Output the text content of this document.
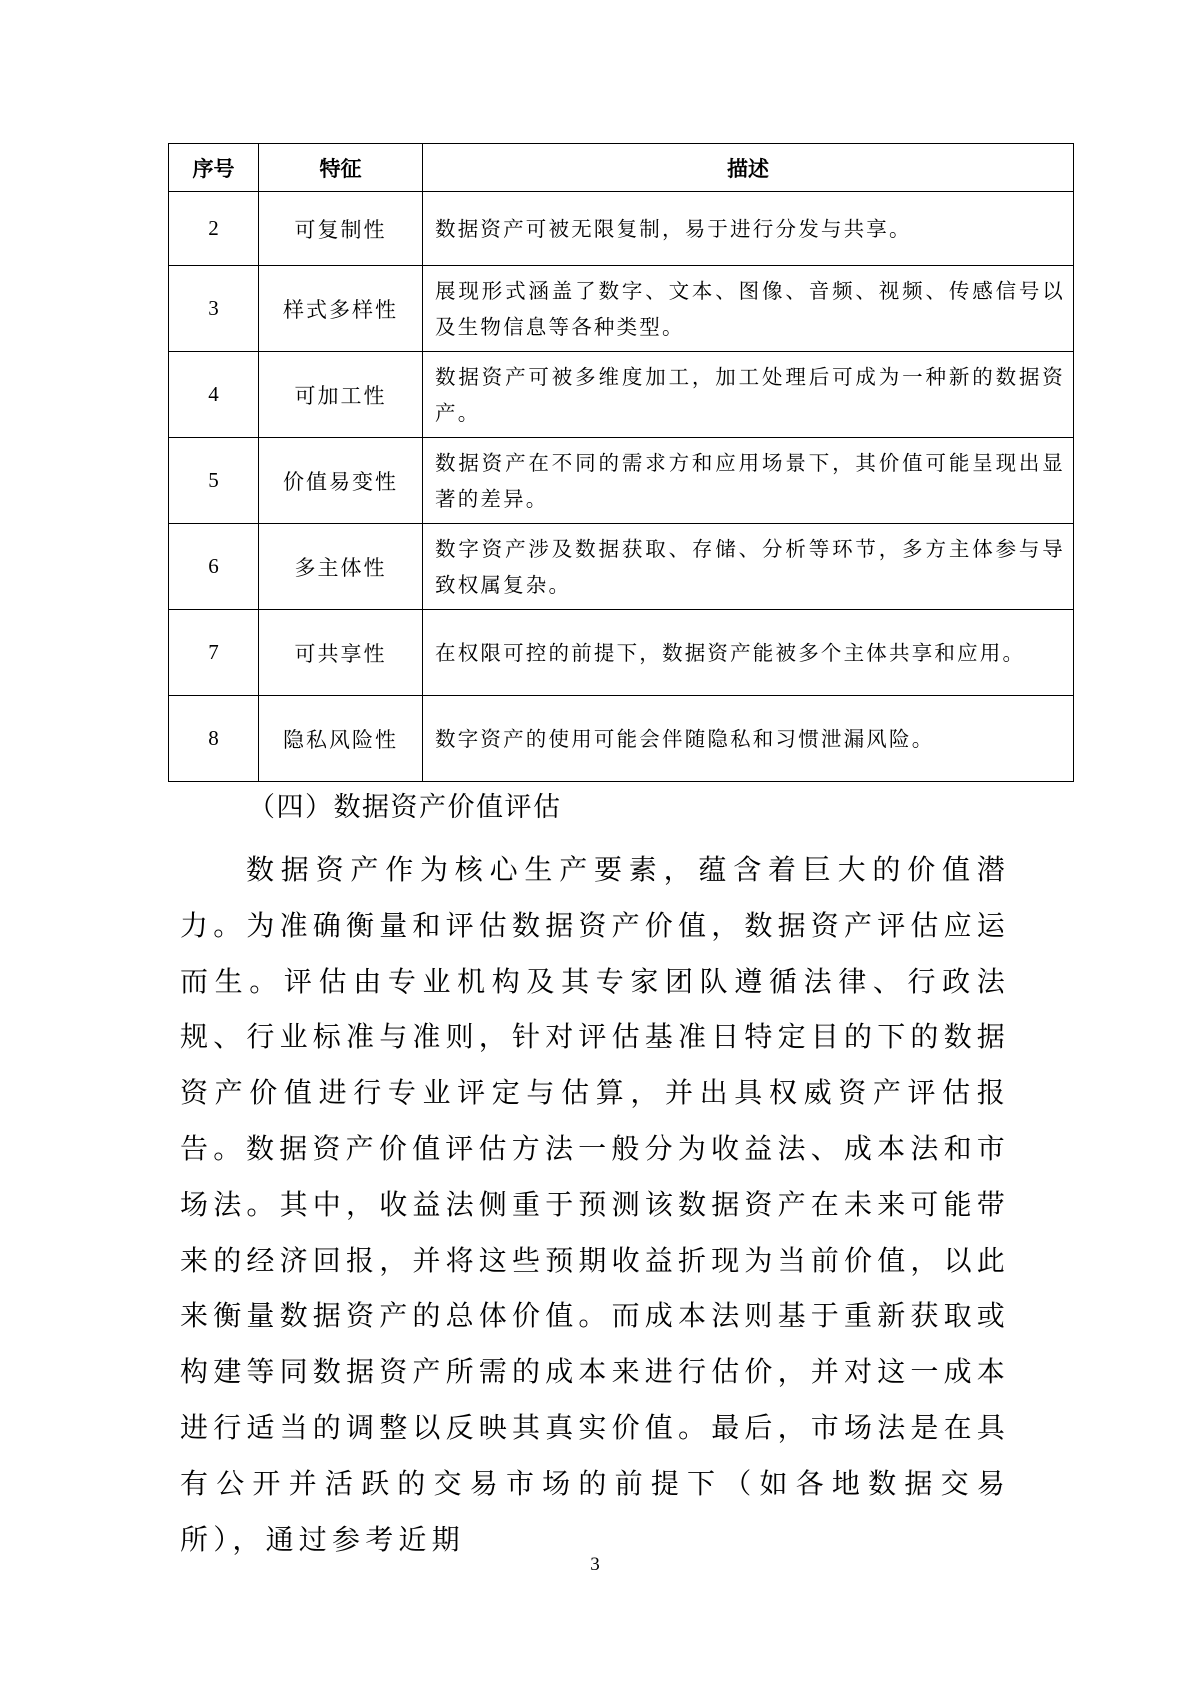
序号	特征	描述
2	可复制性	数据资产可被无限复制，易于进行分发与共享。
3	样式多样性	展现形式涵盖了数字、文本、图像、音频、视频、传感信号以及生物信息等各种类型。
4	可加工性	数据资产可被多维度加工，加工处理后可成为一种新的数据资产。
5	价值易变性	数据资产在不同的需求方和应用场景下，其价值可能呈现出显著的差异。
6	多主体性	数字资产涉及数据获取、存储、分析等环节，多方主体参与导致权属复杂。
7	可共享性	在权限可控的前提下，数据资产能被多个主体共享和应用。
8	隐私风险性	数字资产的使用可能会伴随隐私和习惯泄漏风险。
（四）数据资产价值评估

数据资产作为核心生产要素，蕴含着巨大的价值潜力。为准确衡量和评估数据资产价值，数据资产评估应运而生。评估由专业机构及其专家团队遵循法律、行政法规、行业标准与准则，针对评估基准日特定目的下的数据资产价值进行专业评定与估算，并出具权威资产评估报告。 数据资产价值评估方法一般分为收益法、成本法和市场法。其中，收益法侧重于预测该数据资产在未来可能带来的经济回报，并将这些预期收益折现为当前价值，以此来衡量数据资产的总体价值。而成本法则基于重新获取或构建等同数据资产所需的成本来进行估价，并对这一成本进行适当的调整以反映其真实价值。最后，市场法是在具有公开并活跃的交易市场的前提下（如各地数据交易所），通过参考近期

3
